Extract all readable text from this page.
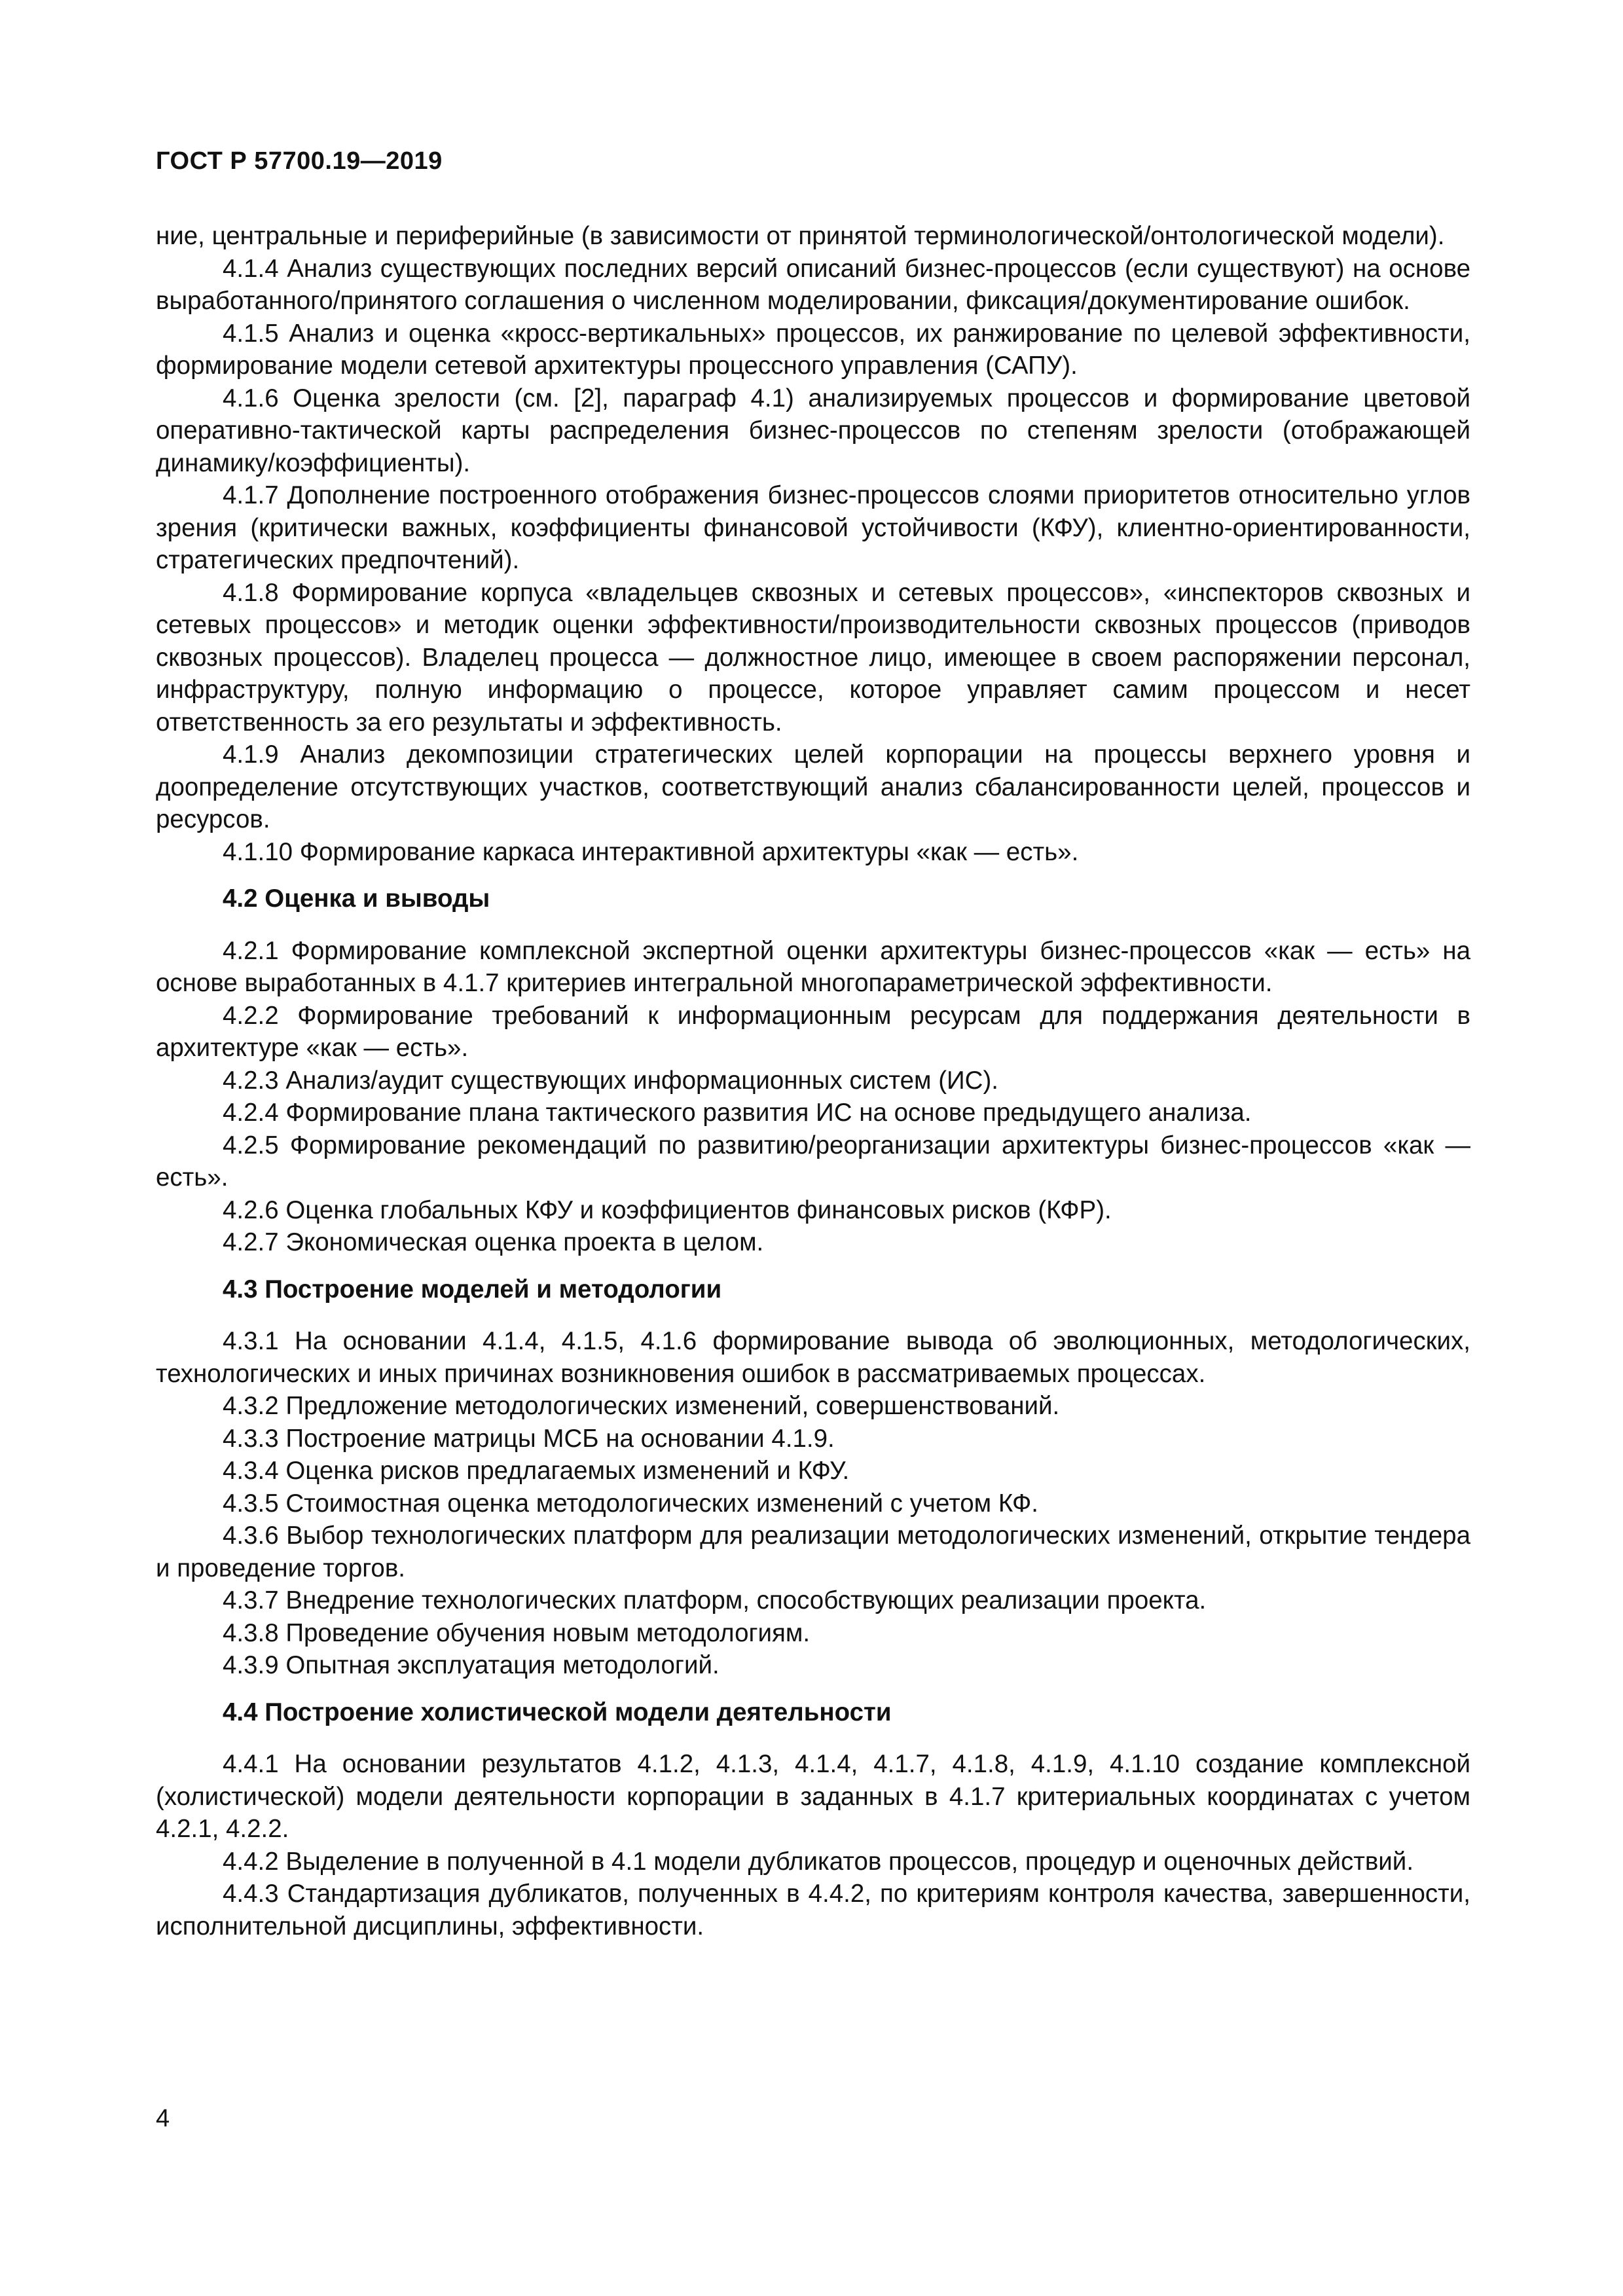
ГОСТ Р 57700.19—2019

ние, центральные и периферийные (в зависимости от принятой терминологической/онтологической модели).

4.1.4 Анализ существующих последних версий описаний бизнес-процессов (если существуют) на основе выработанного/принятого соглашения о численном моделировании, фиксация/документирование ошибок.

4.1.5 Анализ и оценка «кросс-вертикальных» процессов, их ранжирование по целевой эффективности, формирование модели сетевой архитектуры процессного управления (САПУ).

4.1.6 Оценка зрелости (см. [2], параграф 4.1) анализируемых процессов и формирование цветовой оперативно-тактической карты распределения бизнес-процессов по степеням зрелости (отображающей динамику/коэффициенты).

4.1.7 Дополнение построенного отображения бизнес-процессов слоями приоритетов относительно углов зрения (критически важных, коэффициенты финансовой устойчивости (КФУ), клиентно-ориентированности, стратегических предпочтений).

4.1.8 Формирование корпуса «владельцев сквозных и сетевых процессов», «инспекторов сквозных и сетевых процессов» и методик оценки эффективности/производительности сквозных процессов (приводов сквозных процессов). Владелец процесса — должностное лицо, имеющее в своем распоряжении персонал, инфраструктуру, полную информацию о процессе, которое управляет самим процессом и несет ответственность за его результаты и эффективность.

4.1.9 Анализ декомпозиции стратегических целей корпорации на процессы верхнего уровня и доопределение отсутствующих участков, соответствующий анализ сбалансированности целей, процессов и ресурсов.

4.1.10 Формирование каркаса интерактивной архитектуры «как — есть».

4.2 Оценка и выводы

4.2.1 Формирование комплексной экспертной оценки архитектуры бизнес-процессов «как — есть» на основе выработанных в 4.1.7 критериев интегральной многопараметрической эффективности.

4.2.2 Формирование требований к информационным ресурсам для поддержания деятельности в архитектуре «как — есть».

4.2.3 Анализ/аудит существующих информационных систем (ИС).

4.2.4 Формирование плана тактического развития ИС на основе предыдущего анализа.

4.2.5 Формирование рекомендаций по развитию/реорганизации архитектуры бизнес-процессов «как — есть».

4.2.6 Оценка глобальных КФУ и коэффициентов финансовых рисков (КФР).

4.2.7 Экономическая оценка проекта в целом.

4.3 Построение моделей и методологии

4.3.1 На основании 4.1.4, 4.1.5, 4.1.6 формирование вывода об эволюционных, методологических, технологических и иных причинах возникновения ошибок в рассматриваемых процессах.

4.3.2 Предложение методологических изменений, совершенствований.

4.3.3 Построение матрицы МСБ на основании 4.1.9.

4.3.4 Оценка рисков предлагаемых изменений и КФУ.

4.3.5 Стоимостная оценка методологических изменений с учетом КФ.

4.3.6 Выбор технологических платформ для реализации методологических изменений, открытие тендера и проведение торгов.

4.3.7 Внедрение технологических платформ, способствующих реализации проекта.

4.3.8 Проведение обучения новым методологиям.

4.3.9 Опытная эксплуатация методологий.

4.4 Построение холистической модели деятельности

4.4.1 На основании результатов 4.1.2, 4.1.3, 4.1.4, 4.1.7, 4.1.8, 4.1.9, 4.1.10 создание комплексной (холистической) модели деятельности корпорации в заданных в 4.1.7 критериальных координатах с учетом 4.2.1, 4.2.2.

4.4.2 Выделение в полученной в 4.1 модели дубликатов процессов, процедур и оценочных действий.

4.4.3 Стандартизация дубликатов, полученных в 4.4.2, по критериям контроля качества, завершенности, исполнительной дисциплины, эффективности.

4
